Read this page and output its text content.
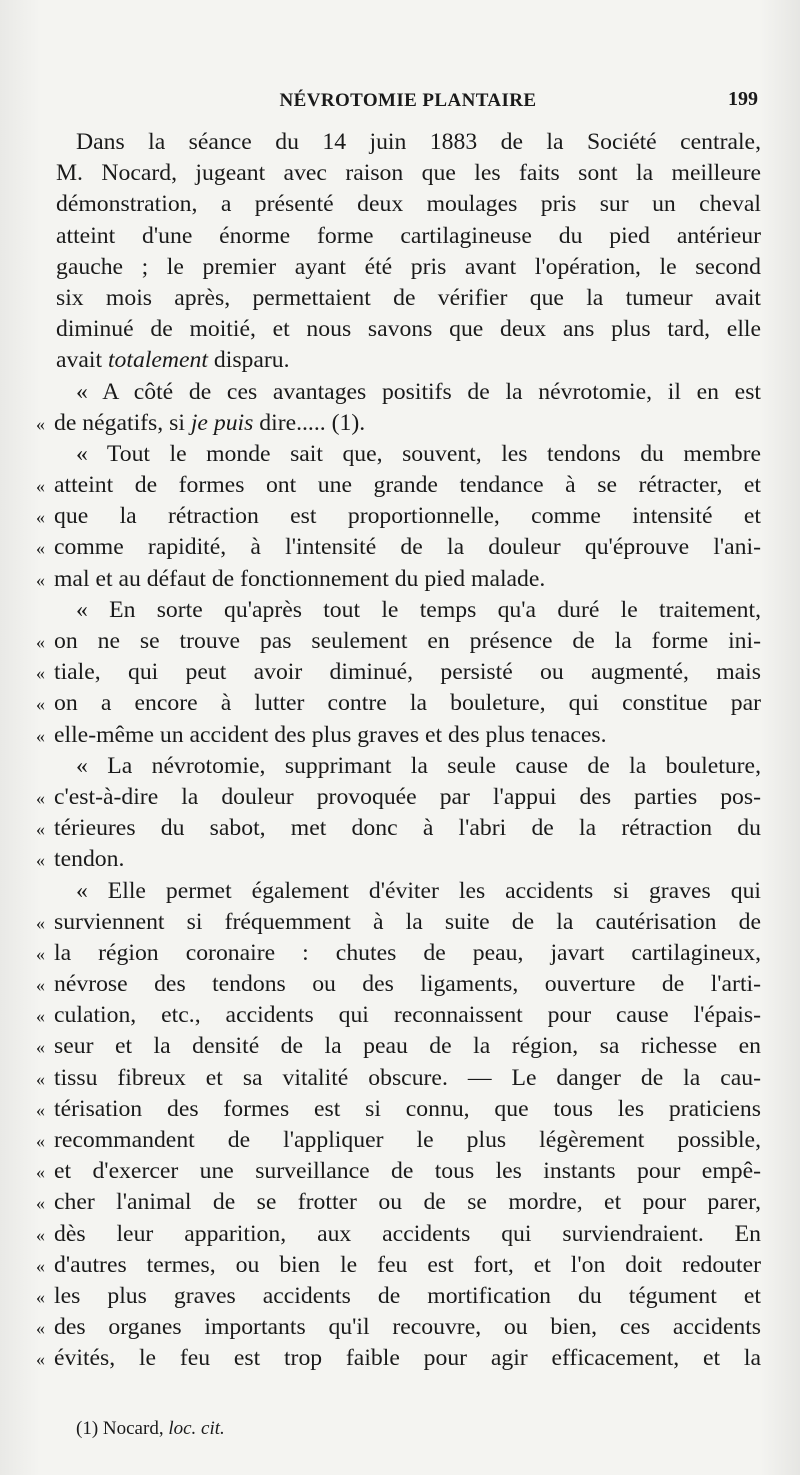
NÉVROTOMIE PLANTAIRE	199
Dans la séance du 14 juin 1883 de la Société centrale,
M. Nocard, jugeant avec raison que les faits sont la meilleure
démonstration, a présenté deux moulages pris sur un cheval
atteint d'une énorme forme cartilagineuse du pied antérieur
gauche ; le premier ayant été pris avant l'opération, le second
six mois après, permettaient de vérifier que la tumeur avait
diminué de moitié, et nous savons que deux ans plus tard, elle
avait totalement disparu.
« A côté de ces avantages positifs de la névrotomie, il en est
« de négatifs, si je puis dire..... (1).
« Tout le monde sait que, souvent, les tendons du membre
« atteint de formes ont une grande tendance à se rétracter, et
« que la rétraction est proportionnelle, comme intensité et
« comme rapidité, à l'intensité de la douleur qu'éprouve l'ani-
« mal et au défaut de fonctionnement du pied malade.
« En sorte qu'après tout le temps qu'a duré le traitement,
« on ne se trouve pas seulement en présence de la forme ini-
« tiale, qui peut avoir diminué, persisté ou augmenté, mais
« on a encore à lutter contre la bouleture, qui constitue par
« elle-même un accident des plus graves et des plus tenaces.
« La névrotomie, supprimant la seule cause de la bouleture,
« c'est-à-dire la douleur provoquée par l'appui des parties pos-
« térieures du sabot, met donc à l'abri de la rétraction du
« tendon.
« Elle permet également d'éviter les accidents si graves qui
« surviennent si fréquemment à la suite de la cautérisation de
« la région coronaire : chutes de peau, javart cartilagineux,
« névrose des tendons ou des ligaments, ouverture de l'arti-
« culation, etc., accidents qui reconnaissent pour cause l'épais-
« seur et la densité de la peau de la région, sa richesse en
« tissu fibreux et sa vitalité obscure. — Le danger de la cau-
« térisation des formes est si connu, que tous les praticiens
« recommandent de l'appliquer le plus légèrement possible,
« et d'exercer une surveillance de tous les instants pour empê-
« cher l'animal de se frotter ou de se mordre, et pour parer,
« dès leur apparition, aux accidents qui surviendraient. En
« d'autres termes, ou bien le feu est fort, et l'on doit redouter
« les plus graves accidents de mortification du tégument et
« des organes importants qu'il recouvre, ou bien, ces accidents
« évités, le feu est trop faible pour agir efficacement, et la
(1) Nocard, loc. cit.
